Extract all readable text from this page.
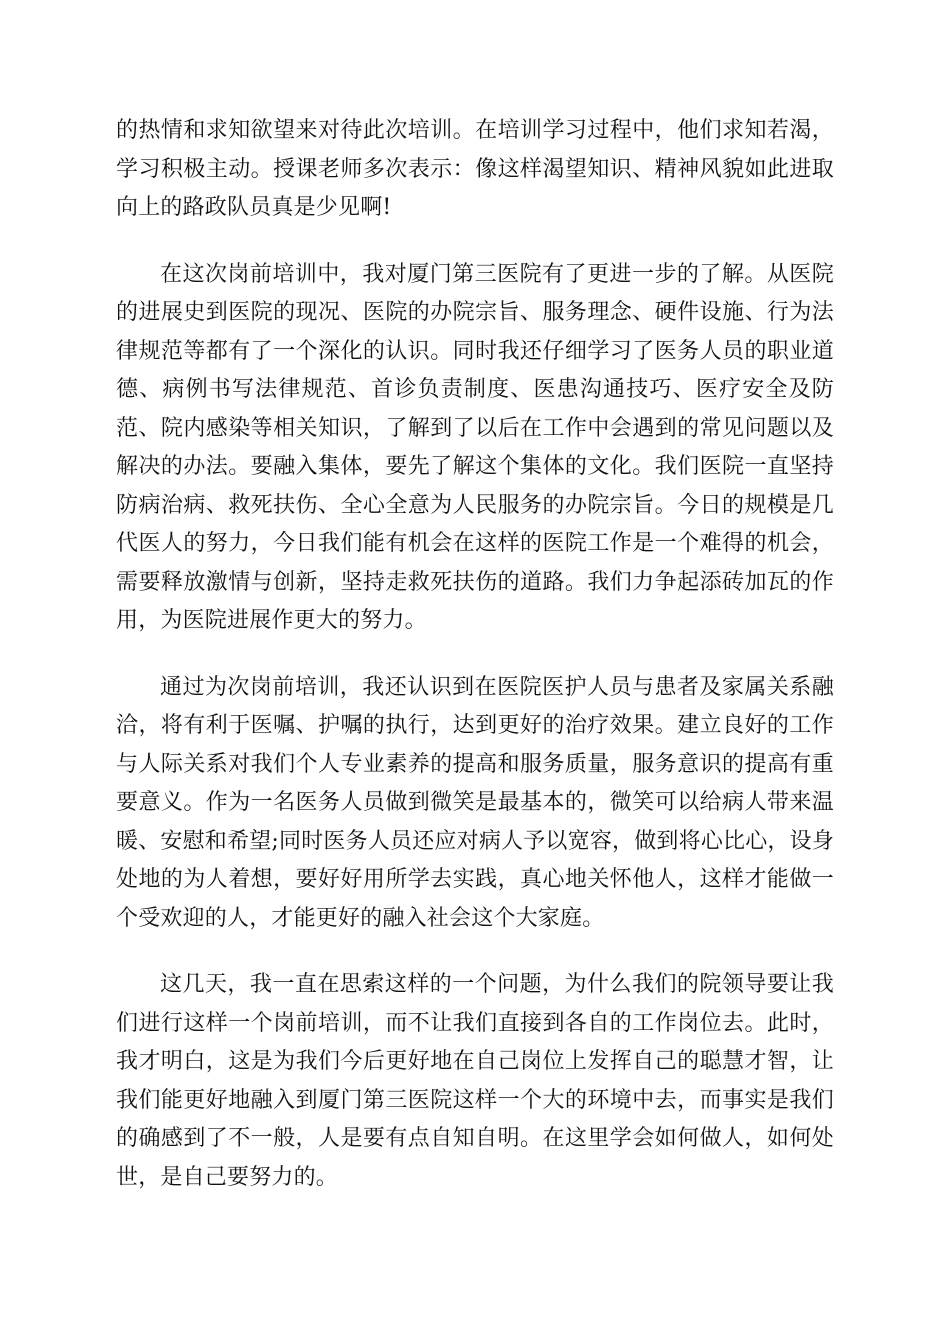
的热情和求知欲望来对待此次培训。在培训学习过程中，他们求知若渴，学习积极主动。授课老师多次表示：像这样渴望知识、精神风貌如此进取向上的路政队员真是少见啊!

在这次岗前培训中，我对厦门第三医院有了更进一步的了解。从医院的进展史到医院的现况、医院的办院宗旨、服务理念、硬件设施、行为法律规范等都有了一个深化的认识。同时我还仔细学习了医务人员的职业道德、病例书写法律规范、首诊负责制度、医患沟通技巧、医疗安全及防范、院内感染等相关知识，了解到了以后在工作中会遇到的常见问题以及解决的办法。要融入集体，要先了解这个集体的文化。我们医院一直坚持防病治病、救死扶伤、全心全意为人民服务的办院宗旨。今日的规模是几代医人的努力，今日我们能有机会在这样的医院工作是一个难得的机会，需要释放激情与创新，坚持走救死扶伤的道路。我们力争起添砖加瓦的作用，为医院进展作更大的努力。

通过为次岗前培训，我还认识到在医院医护人员与患者及家属关系融洽，将有利于医嘱、护嘱的执行，达到更好的治疗效果。建立良好的工作与人际关系对我们个人专业素养的提高和服务质量，服务意识的提高有重要意义。作为一名医务人员做到微笑是最基本的，微笑可以给病人带来温暖、安慰和希望;同时医务人员还应对病人予以宽容，做到将心比心，设身处地的为人着想，要好好用所学去实践，真心地关怀他人，这样才能做一个受欢迎的人，才能更好的融入社会这个大家庭。

这几天，我一直在思索这样的一个问题，为什么我们的院领导要让我们进行这样一个岗前培训，而不让我们直接到各自的工作岗位去。此时，我才明白，这是为我们今后更好地在自己岗位上发挥自己的聪慧才智，让我们能更好地融入到厦门第三医院这样一个大的环境中去，而事实是我们的确感到了不一般，人是要有点自知自明。在这里学会如何做人，如何处世，是自己要努力的。
